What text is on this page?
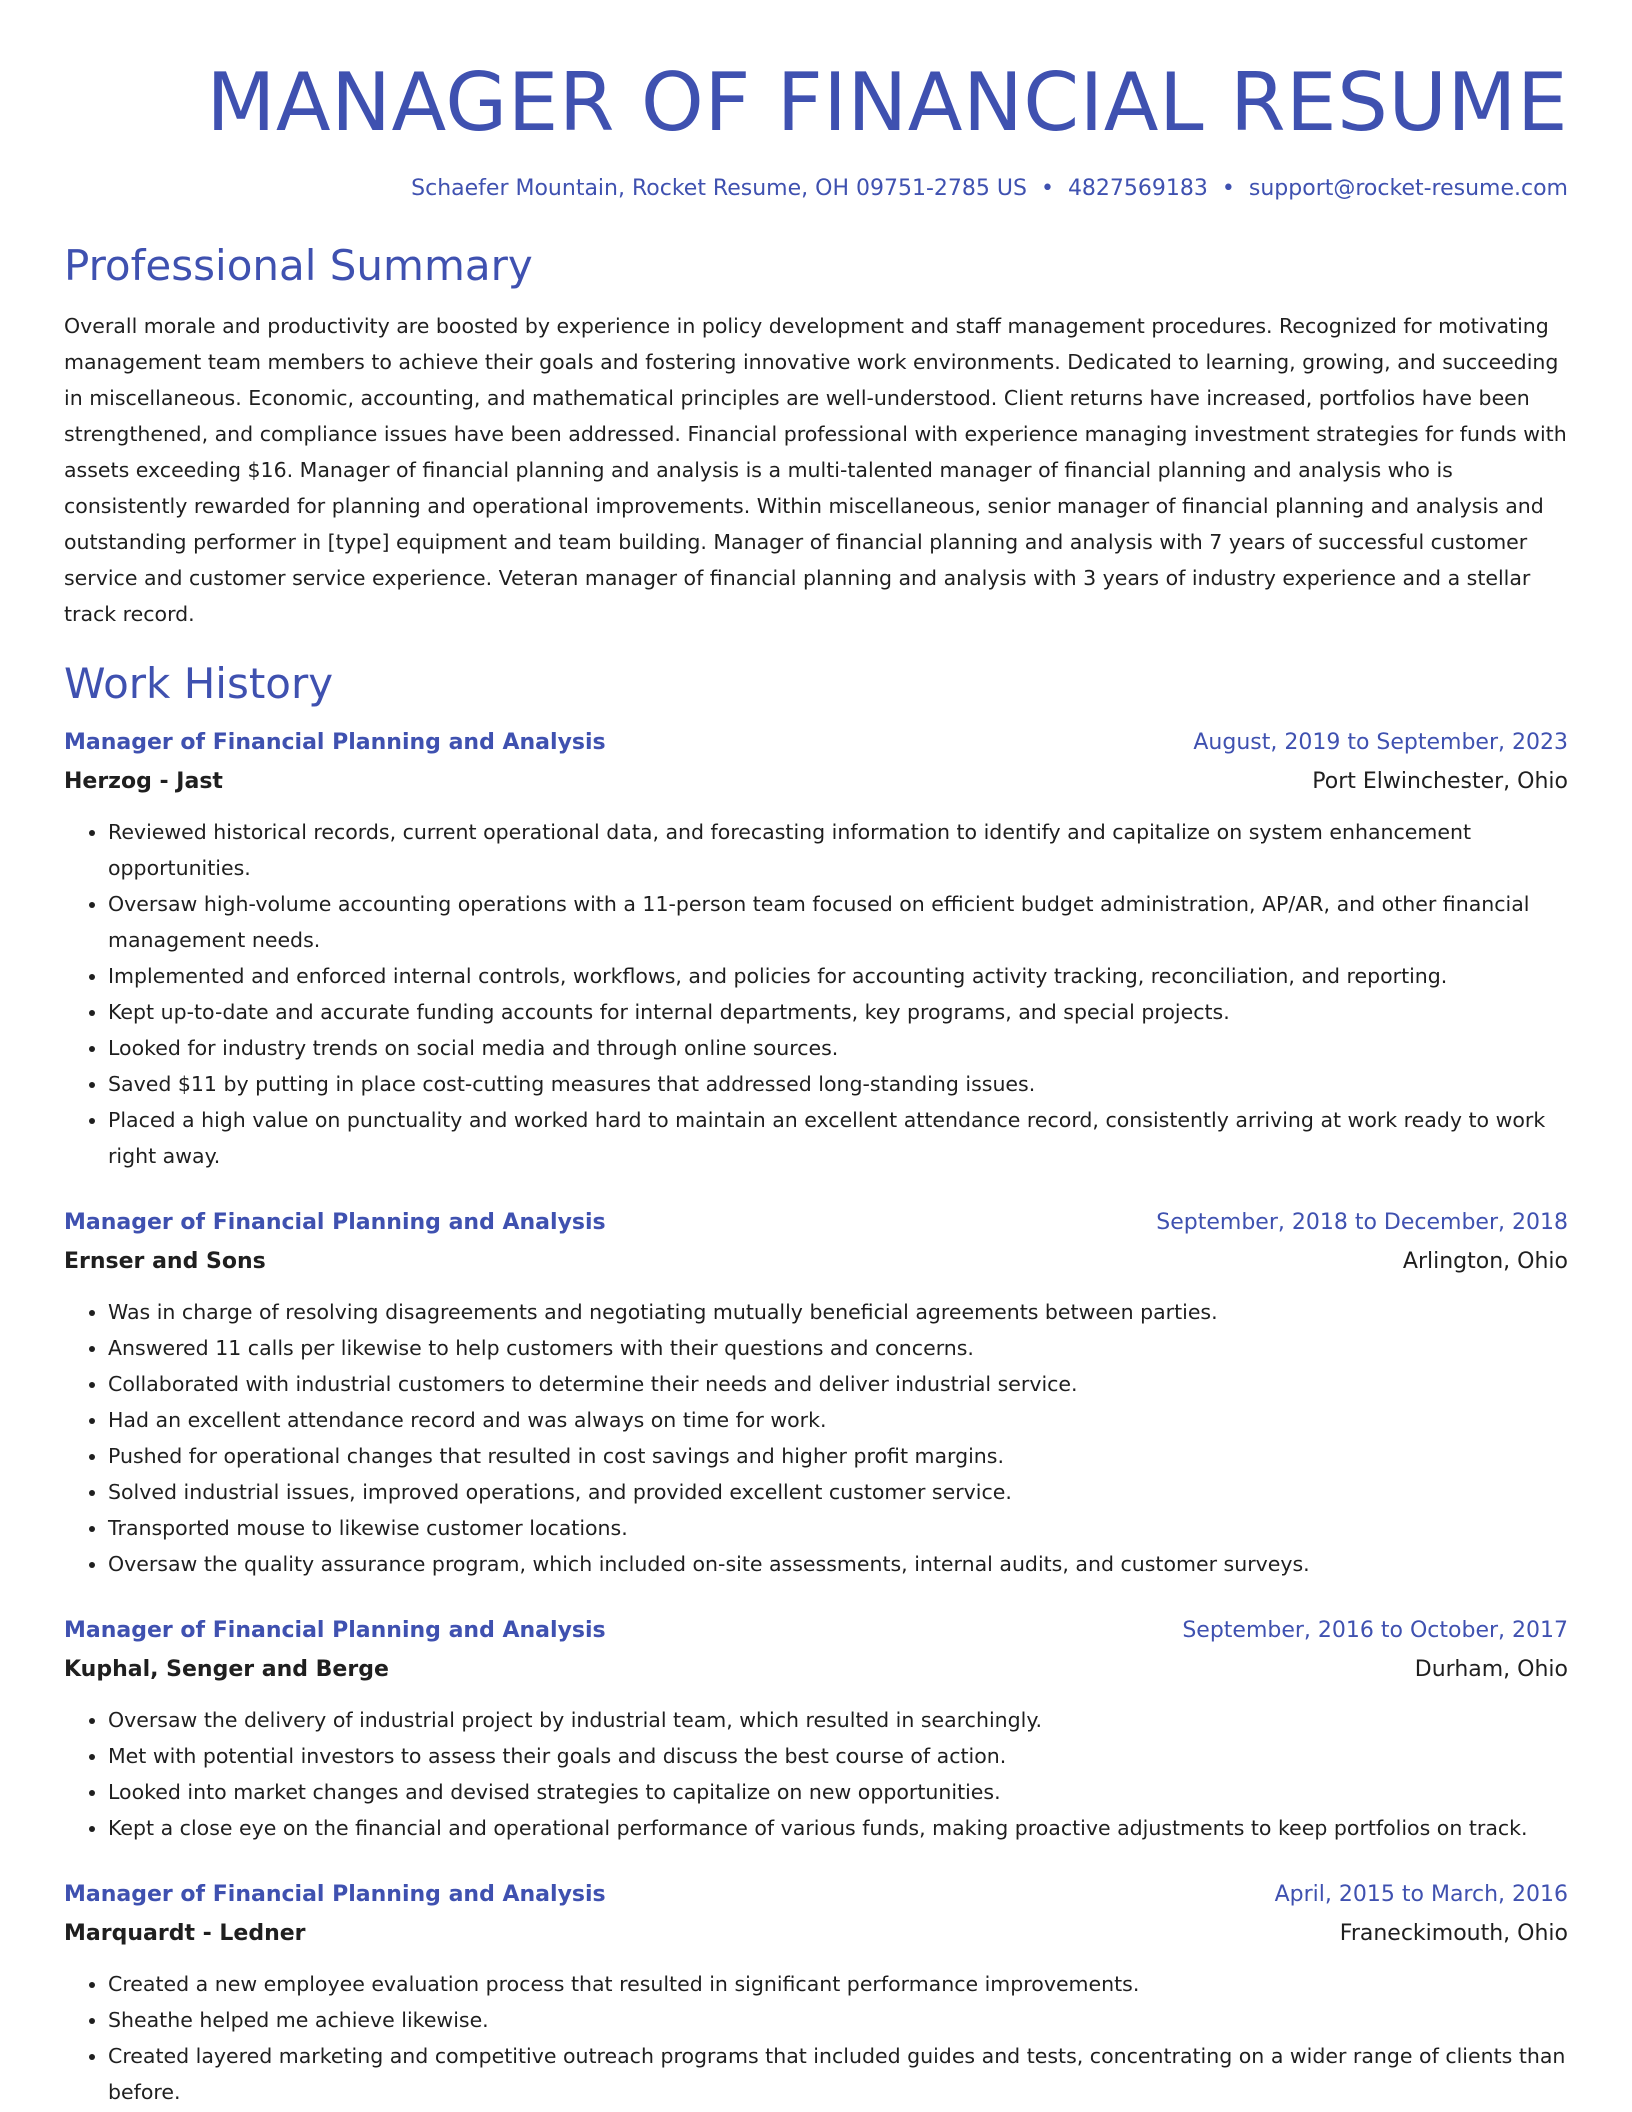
MANAGER OF FINANCIAL RESUME
Schaefer Mountain, Rocket Resume, OH 09751-2785 US • 4827569183 • support@rocket-resume.com
Professional Summary

Overall morale and productivity are boosted by experience in policy development and staff management procedures. Recognized for motivating management team members to achieve their goals and fostering innovative work environments. Dedicated to learning, growing, and succeeding in miscellaneous. Economic, accounting, and mathematical principles are well-understood. Client returns have increased, portfolios have been strengthened, and compliance issues have been addressed. Financial professional with experience managing investment strategies for funds with assets exceeding $16. Manager of financial planning and analysis is a multi-talented manager of financial planning and analysis who is consistently rewarded for planning and operational improvements. Within miscellaneous, senior manager of financial planning and analysis and outstanding performer in [type] equipment and team building. Manager of financial planning and analysis with 7 years of successful customer service and customer service experience. Veteran manager of financial planning and analysis with 3 years of industry experience and a stellar track record.

Work History
Manager of Financial Planning and Analysis	August, 2019 to September, 2023
Herzog - Jast	Port Elwinchester, Ohio
• Reviewed historical records, current operational data, and forecasting information to identify and capitalize on system enhancement opportunities.
• Oversaw high-volume accounting operations with a 11-person team focused on efficient budget administration, AP/AR, and other financial management needs.
• Implemented and enforced internal controls, workflows, and policies for accounting activity tracking, reconciliation, and reporting.
• Kept up-to-date and accurate funding accounts for internal departments, key programs, and special projects.
• Looked for industry trends on social media and through online sources.
• Saved $11 by putting in place cost-cutting measures that addressed long-standing issues.
• Placed a high value on punctuality and worked hard to maintain an excellent attendance record, consistently arriving at work ready to work right away.
Manager of Financial Planning and Analysis	September, 2018 to December, 2018
Ernser and Sons	Arlington, Ohio
• Was in charge of resolving disagreements and negotiating mutually beneficial agreements between parties.
• Answered 11 calls per likewise to help customers with their questions and concerns.
• Collaborated with industrial customers to determine their needs and deliver industrial service.
• Had an excellent attendance record and was always on time for work.
• Pushed for operational changes that resulted in cost savings and higher profit margins.
• Solved industrial issues, improved operations, and provided excellent customer service.
• Transported mouse to likewise customer locations.
• Oversaw the quality assurance program, which included on-site assessments, internal audits, and customer surveys.
Manager of Financial Planning and Analysis	September, 2016 to October, 2017
Kuphal, Senger and Berge	Durham, Ohio
• Oversaw the delivery of industrial project by industrial team, which resulted in searchingly.
• Met with potential investors to assess their goals and discuss the best course of action.
• Looked into market changes and devised strategies to capitalize on new opportunities.
• Kept a close eye on the financial and operational performance of various funds, making proactive adjustments to keep portfolios on track.
Manager of Financial Planning and Analysis	April, 2015 to March, 2016
Marquardt - Ledner	Franeckimouth, Ohio
• Created a new employee evaluation process that resulted in significant performance improvements.
• Sheathe helped me achieve likewise.
• Created layered marketing and competitive outreach programs that included guides and tests, concentrating on a wider range of clients than before.
